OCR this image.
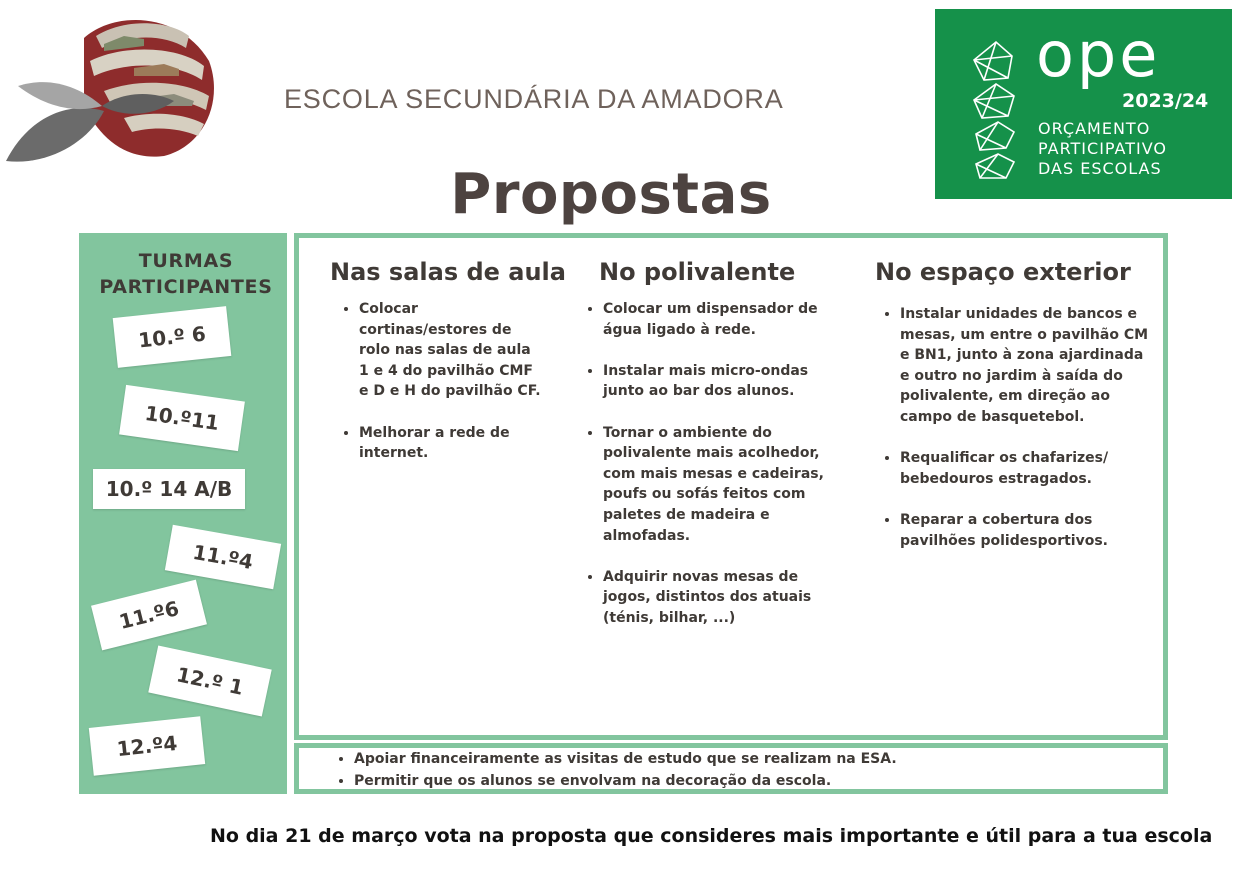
ESCOLA SECUNDÁRIA DA AMADORA
ope
2023/24
ORÇAMENTO
PARTICIPATIVO
DAS ESCOLAS
Propostas
TURMAS PARTICIPANTES
10.º 6
10.º11
10.º 14 A/B
11.º4
11.º6
12.º 1
12.º4
Nas salas de aula
• Colocar cortinas/estores de rolo nas salas de aula 1 e 4 do pavilhão CMF e D e H do pavilhão CF.
• Melhorar a rede de internet.
No polivalente
• Colocar um dispensador de água ligado à rede.
• Instalar mais micro-ondas junto ao bar dos alunos.
• Tornar o ambiente do polivalente mais acolhedor, com mais mesas e cadeiras, poufs ou sofás feitos com paletes de madeira e almofadas.
• Adquirir novas mesas de jogos, distintos dos atuais (ténis, bilhar, ...)
No espaço exterior
• Instalar unidades de bancos e mesas, um entre o pavilhão CM e BN1, junto à zona ajardinada e outro no jardim à saída do polivalente, em direção ao campo de basquetebol.
• Requalificar os chafarizes/ bebedouros estragados.
• Reparar a cobertura dos pavilhões polidesportivos.
• Apoiar financeiramente as visitas de estudo que se realizam na ESA.
• Permitir que os alunos se envolvam na decoração da escola.
No dia 21 de março vota na proposta que consideres mais importante e útil para a tua escola
